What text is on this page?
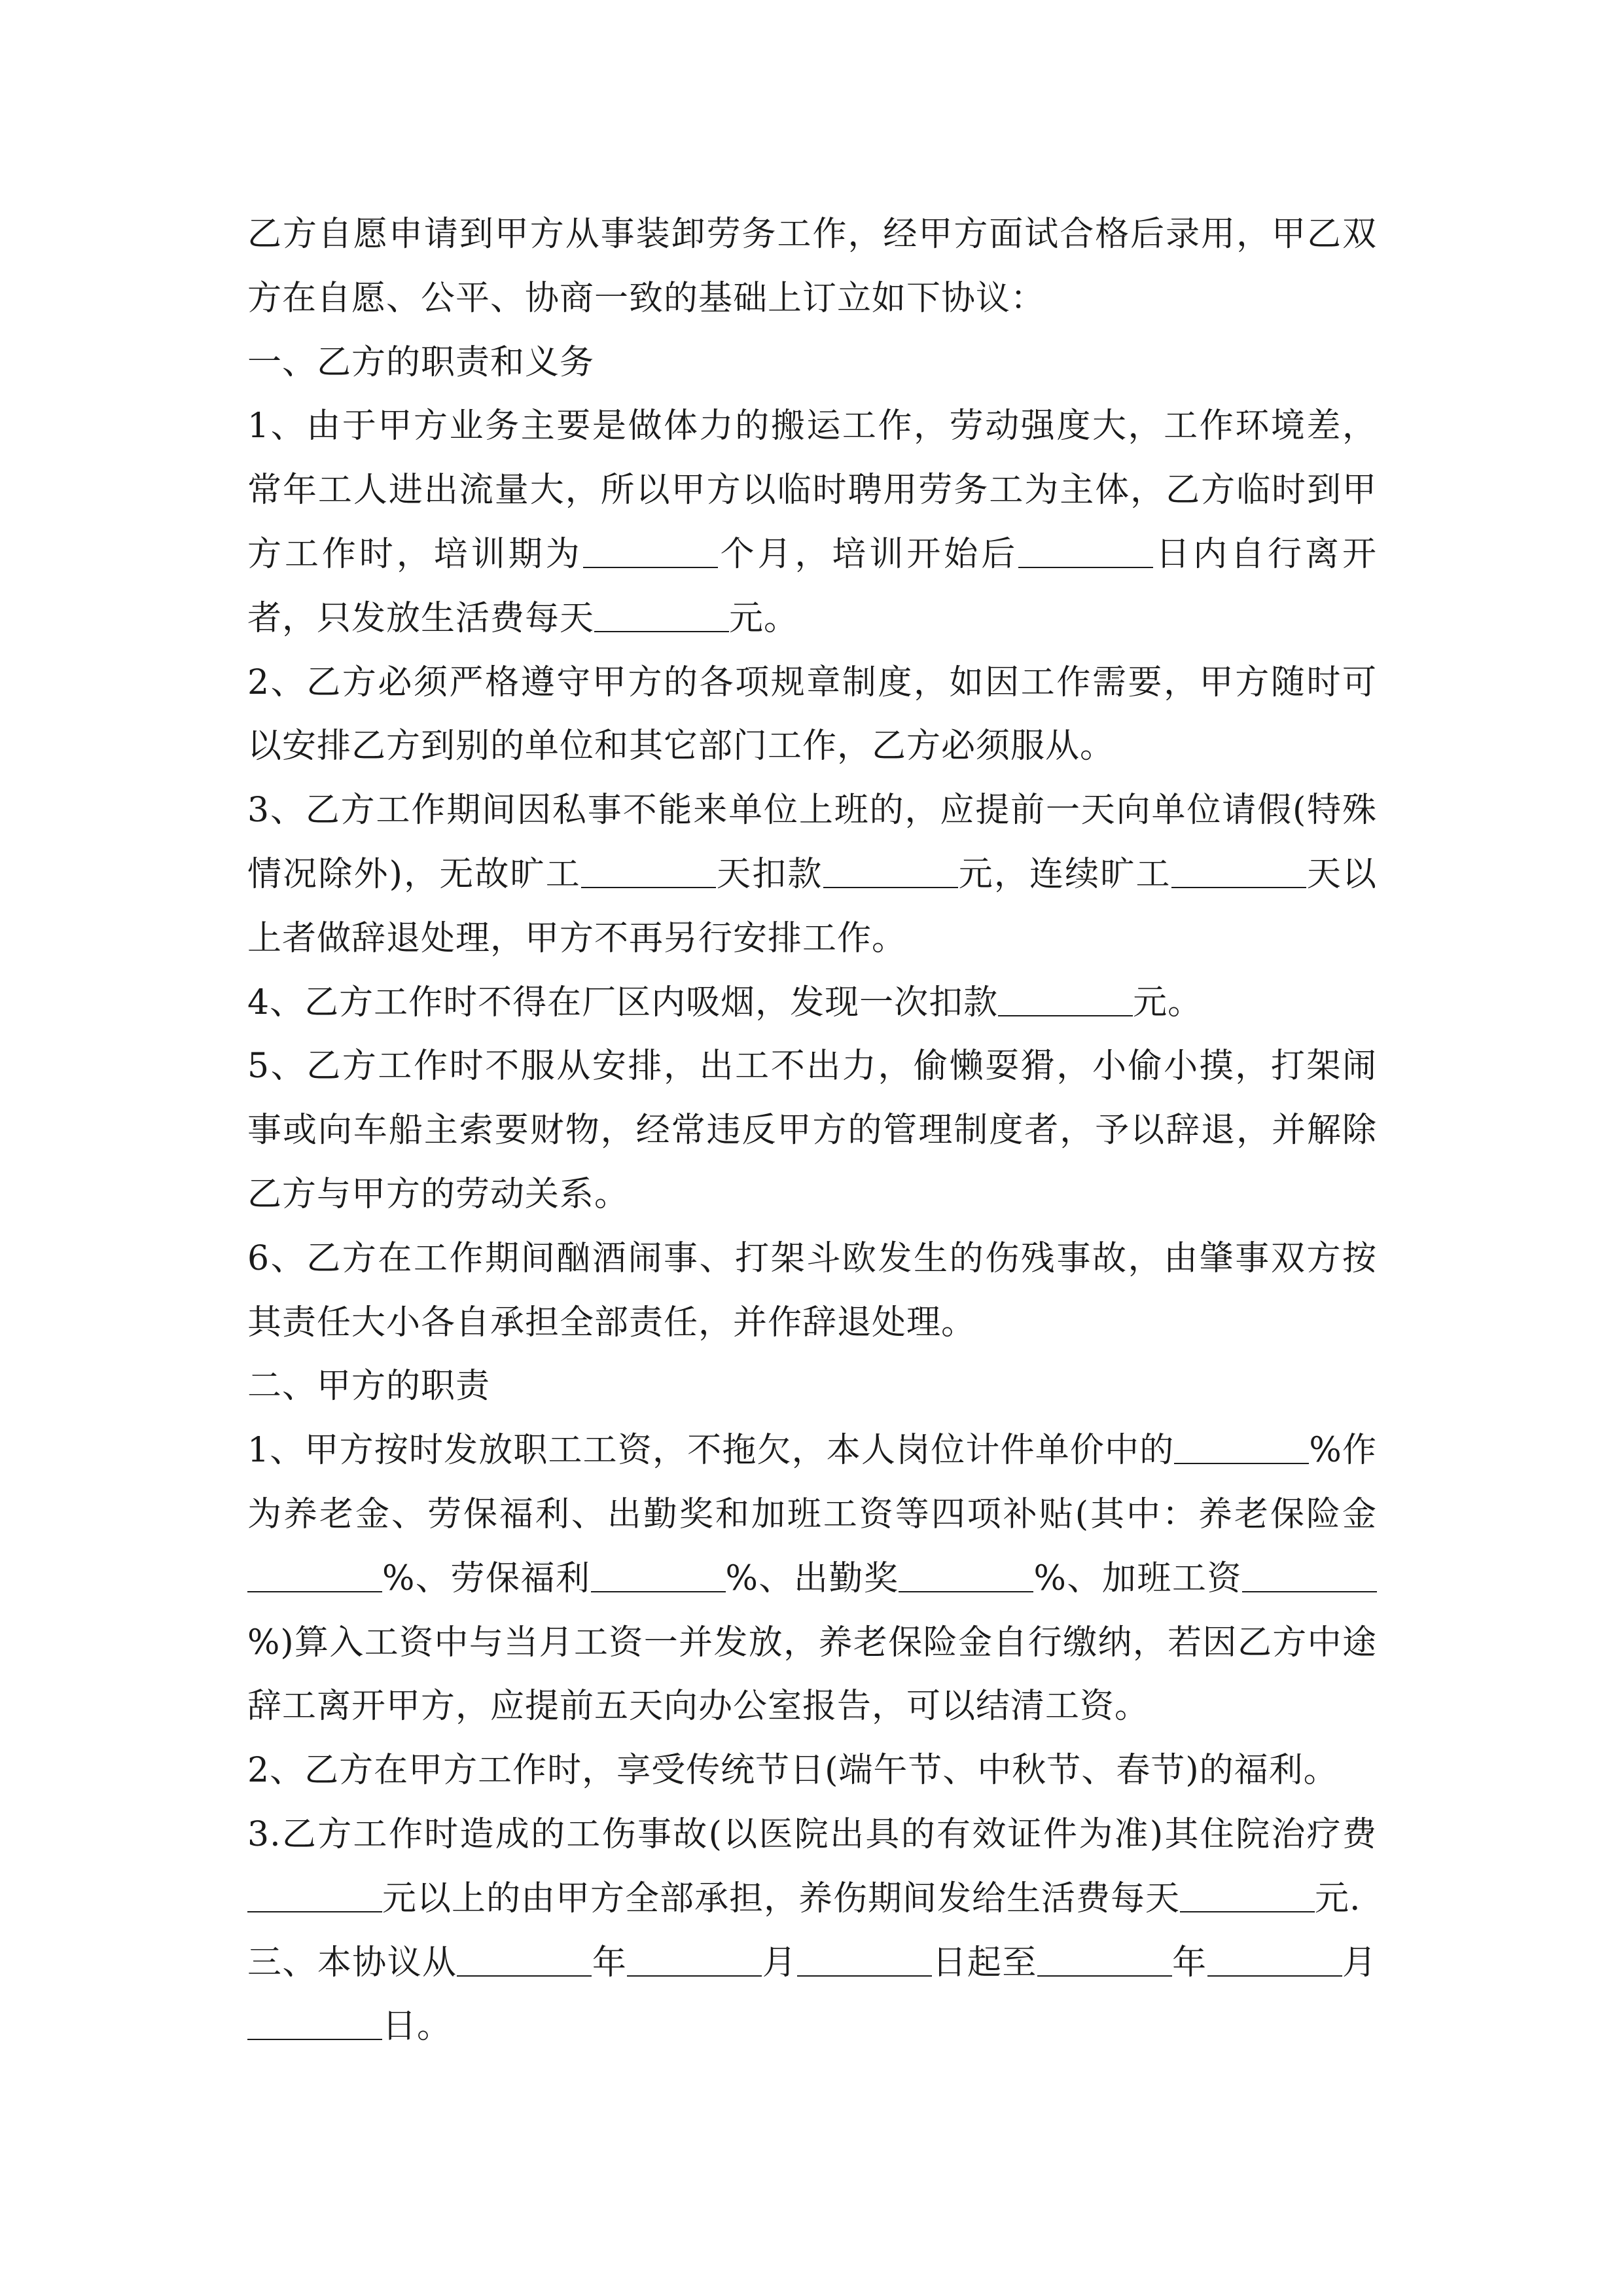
乙方自愿申请到甲方从事装卸劳务工作，经甲方面试合格后录用，甲乙双方在自愿、公平、协商一致的基础上订立如下协议：
一、乙方的职责和义务
1、由于甲方业务主要是做体力的搬运工作，劳动强度大，工作环境差，常年工人进出流量大，所以甲方以临时聘用劳务工为主体，乙方临时到甲方工作时，培训期为	个月，培训开始后	日内自行离开者，只发放生活费每天	元。
2、乙方必须严格遵守甲方的各项规章制度，如因工作需要，甲方随时可以安排乙方到别的单位和其它部门工作，乙方必须服从。
3、乙方工作期间因私事不能来单位上班的，应提前一天向单位请假(特殊情况除外)，无故旷工	天扣款	元，连续旷工	天以上者做辞退处理，甲方不再另行安排工作。
4、乙方工作时不得在厂区内吸烟，发现一次扣款	元。
5、乙方工作时不服从安排，出工不出力，偷懒耍猾，小偷小摸，打架闹事或向车船主索要财物，经常违反甲方的管理制度者，予以辞退，并解除乙方与甲方的劳动关系。
6、乙方在工作期间酗酒闹事、打架斗欧发生的伤残事故，由肇事双方按其责任大小各自承担全部责任，并作辞退处理。
二、甲方的职责
1、甲方按时发放职工工资，不拖欠，本人岗位计件单价中的	%作为养老金、劳保福利、出勤奖和加班工资等四项补贴(其中：养老保险金%、劳保福利	%、出勤奖	%、加班工资%)算入工资中与当月工资一并发放，养老保险金自行缴纳，若因乙方中途辞工离开甲方，应提前五天向办公室报告，可以结清工资。
2、乙方在甲方工作时，享受传统节日(端午节、中秋节、春节)的福利。
3.乙方工作时造成的工伤事故(以医院出具的有效证件为准)其住院治疗费元以上的由甲方全部承担，养伤期间发给生活费每天	元.
三、本协议从	年	月	日起至	年	月日。
